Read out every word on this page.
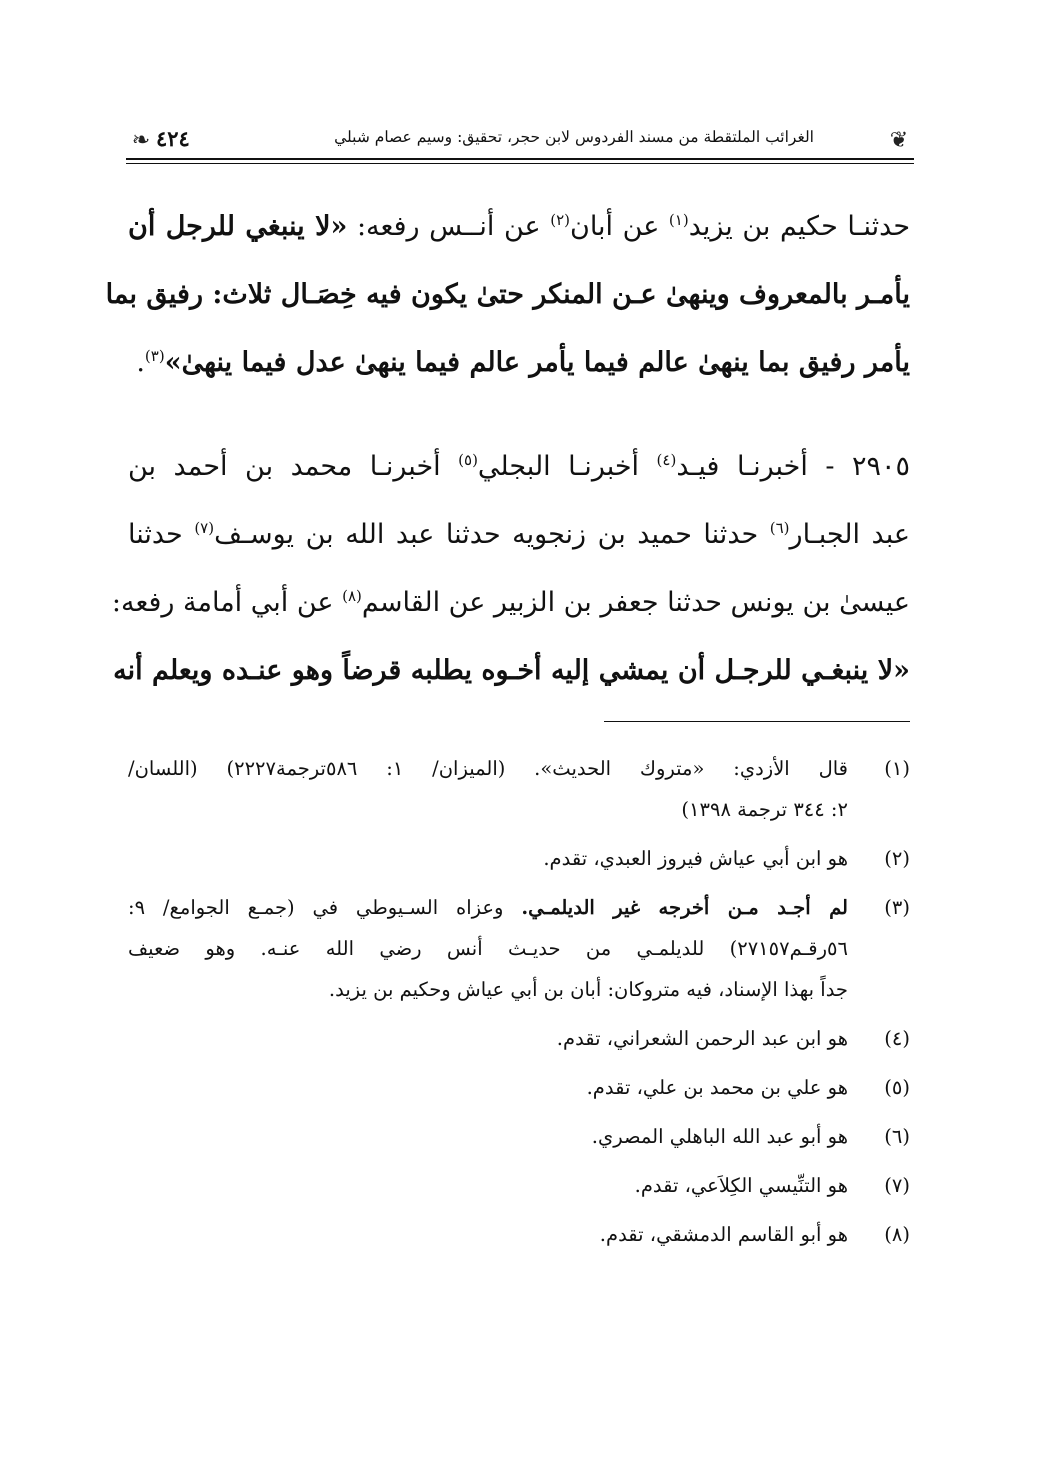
❦
الغرائب الملتقطة من مسند الفردوس لابن حجر، تحقيق: وسيم عصام شبلي
٤٢٤
❧
حدثنـا حكيم بن يزيد$^{(١)}$ عن أبان$^{(٢)}$ عن أنــس رفعه: «لا ينبغي للرجل أن
يأمـر بالمعروف وينهىٰ عـن المنكر حتىٰ يكون فيه خِصَـال ثلاث: رفيق بما
يأمر رفيق بما ينهىٰ عالم فيما يأمر عالم فيما ينهىٰ عدل فيما ينهىٰ»$^{(٣)}$.
٢٩٠٥ - أخبرنـا فيـد$^{(٤)}$ أخبرنـا البجلي$^{(٥)}$ أخبرنـا محمد بن أحمد بن
عبد الجبـار$^{(٦)}$ حدثنا حميد بن زنجويه حدثنا عبد الله بن يوسـف$^{(٧)}$ حدثنا
عيسىٰ بن يونس حدثنا جعفر بن الزبير عن القاسم$^{(٨)}$ عن أبي أمامة رفعه:
«لا ينبغـي للرجـل أن يمشي إليه أخـوه يطلبه قرضاً وهو عنـده ويعلم أنه
(١)
قال الأزدي: «متروك الحديث». (الميزان/ ١: ٥٨٦ترجمة٢٢٢٧) (اللسان/
٢: ٣٤٤ ترجمة ١٣٩٨)
(٢)
هو ابن أبي عياش فيروز العبدي، تقدم.
(٣)
لم أجـد مـن أخرجه غير الديلمـي. وعزاه السـيوطي في (جمـع الجوامع/ ٩:
٥٦رقـم٢٧١٥٧) للديلمـي من حديـث أنس رضي الله عنـه. وهو ضعيف
جداً بهذا الإسناد، فيه متروكان: أبان بن أبي عياش وحكيم بن يزيد.
(٤)
هو ابن عبد الرحمن الشعراني، تقدم.
(٥)
هو علي بن محمد بن علي، تقدم.
(٦)
هو أبو عبد الله الباهلي المصري.
(٧)
هو التنِّيسي الكِلاَعي، تقدم.
(٨)
هو أبو القاسم الدمشقي، تقدم.
